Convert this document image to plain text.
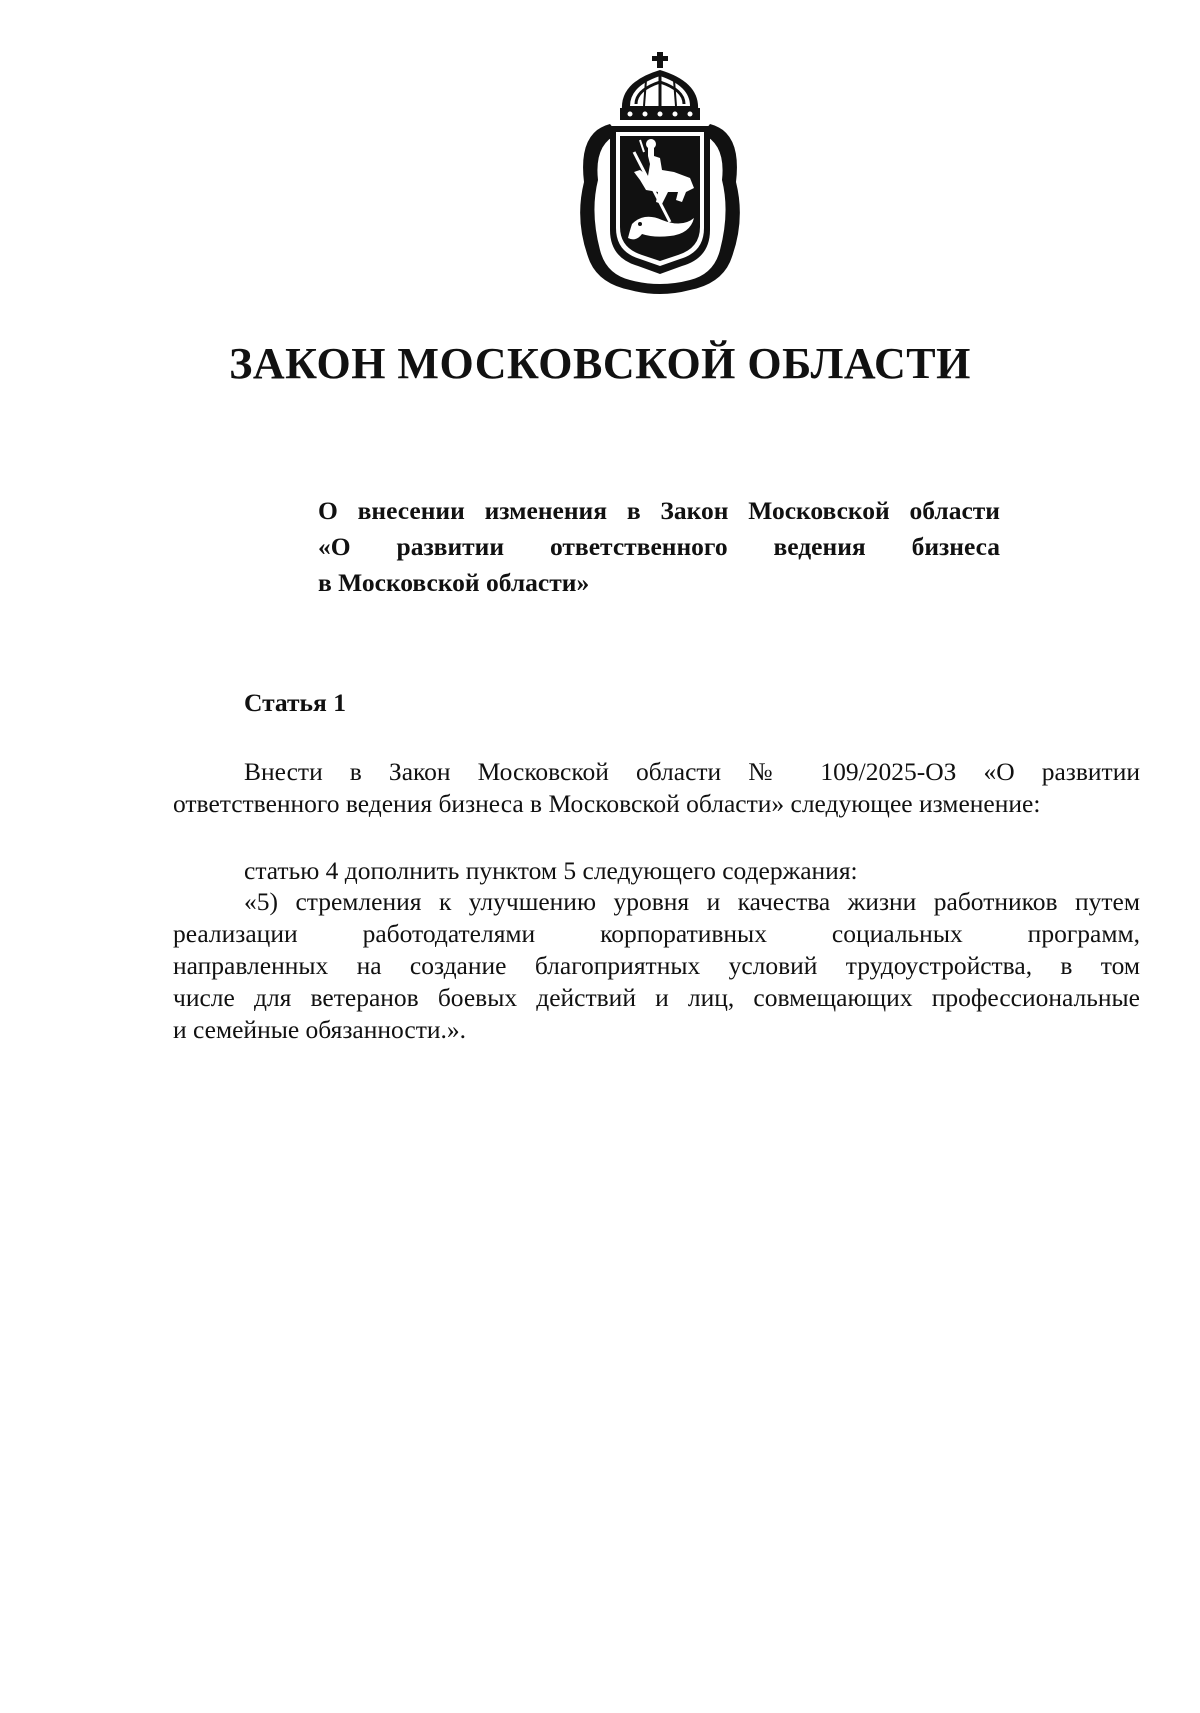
ЗАКОН МОСКОВСКОЙ ОБЛАСТИ

О внесении изменения в Закон Московской области
«О развитии ответственного ведения бизнеса
в Московской области»

Статья 1

Внести в Закон Московской области № 109/2025-ОЗ «О развитии
ответственного ведения бизнеса в Московской области» следующее изменение:

статью 4 дополнить пунктом 5 следующего содержания:

«5) стремления к улучшению уровня и качества жизни работников путем
реализации работодателями корпоративных социальных программ,
направленных на создание благоприятных условий трудоустройства, в том
числе для ветеранов боевых действий и лиц, совмещающих профессиональные
и семейные обязанности.».
